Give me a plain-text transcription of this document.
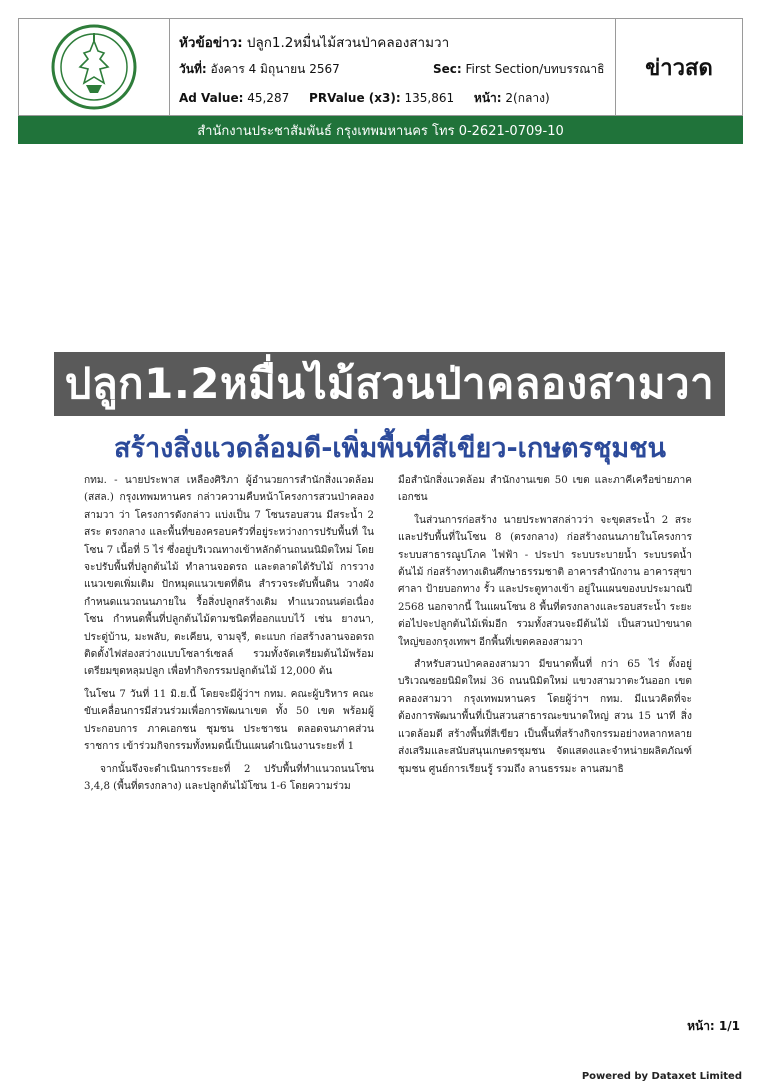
หัวข้อข่าว: ปลูก1.2หมื่นไม้สวนป่าคลองสามวา
วันที่: อังคาร 4 มิถุนายน 2567	Sec: First Section/บทบรรณาธิ
Ad Value: 45,287 PRValue (x3): 135,861 หน้า: 2(กลาง)
ข่าวสด
สำนักงานประชาสัมพันธ์ กรุงเทพมหานคร โทร 0-2621-0709-10
ปลูก1.2หมื่นไม้สวนป่าคลองสามวา
สร้างสิ่งแวดล้อมดี-เพิ่มพื้นที่สีเขียว-เกษตรชุมชน

กทม. - นายประพาส เหลืองศิริภา ผู้อำนวยการสำนักสิ่งแวดล้อม (สสล.) กรุงเทพมหานคร กล่าวความคืบหน้าโครงการสวนป่าคลองสามวา ว่า โครงการดังกล่าว แบ่งเป็น 7 โซนรอบสวน มีสระน้ำ 2 สระ ตรงกลาง และพื้นที่ของครอบครัวที่อยู่ระหว่างการปรับพื้นที่ ในโซน 7 เนื้อที่ 5 ไร่ ซึ่งอยู่บริเวณทางเข้าหลักด้านถนนนิมิตใหม่ โดยจะปรับพื้นที่ปลูกต้นไม้ ทำลานจอดรถ และตลาดได้รับไม้ การวางแนวเขตเพิ่มเติม ปักหมุดแนวเขตที่ดิน สำรวจระดับพื้นดิน วางผังกำหนดแนวถนนภายใน รื้อสิ่งปลูกสร้างเดิม ทำแนวถนนต่อเนื่องโซน กำหนดพื้นที่ปลูกต้นไม้ตามชนิดที่ออกแบบไว้ เช่น ยางนา, ประดู่บ้าน, มะพลับ, ตะเคียน, จามจุรี, ตะแบก ก่อสร้างลานจอดรถติดตั้งไฟส่องสว่างแบบโซลาร์เซลล์ รวมทั้งจัดเตรียมต้นไม้พร้อมเตรียมขุดหลุมปลูก เพื่อทำกิจกรรมปลูกต้นไม้ 12,000 ต้น

ในโซน 7 วันที่ 11 มิ.ย.นี้ โดยจะมีผู้ว่าฯ กทม. คณะผู้บริหาร คณะขับเคลื่อนการมีส่วนร่วมเพื่อการพัฒนาเขต ทั้ง 50 เขต พร้อมผู้ประกอบการ ภาคเอกชน ชุมชน ประชาชน ตลอดจนภาคส่วนราชการ เข้าร่วมกิจกรรมทั้งหมดนี้เป็นแผนดำเนินงานระยะที่ 1

จากนั้นจึงจะดำเนินการระยะที่ 2 ปรับพื้นที่ทำแนวถนนโซน 3,4,8 (พื้นที่ตรงกลาง) และปลูกต้นไม้โซน 1-6 โดยความร่วม

มือสำนักสิ่งแวดล้อม สำนักงานเขต 50 เขต และภาคีเครือข่ายภาคเอกชน

ในส่วนการก่อสร้าง นายประพาสกล่าวว่า จะขุดสระน้ำ 2 สระ และปรับพื้นที่ในโซน 8 (ตรงกลาง) ก่อสร้างถนนภายในโครงการ ระบบสาธารณูปโภค ไฟฟ้า - ประปา ระบบระบายน้ำ ระบบรดน้ำต้นไม้ ก่อสร้างทางเดินศึกษาธรรมชาติ อาคารสำนักงาน อาคารสุขา ศาลา ป้ายบอกทาง รั้ว และประตูทางเข้า อยู่ในแผนของบประมาณปี 2568 นอกจากนี้ ในแผนโซน 8 พื้นที่ตรงกลางและรอบสระน้ำ ระยะต่อไปจะปลูกต้นไม้เพิ่มอีก รวมทั้งสวนจะมีต้นไม้ เป็นสวนป่าขนาดใหญ่ของกรุงเทพฯ อีกพื้นที่เขตคลองสามวา

สำหรับสวนป่าคลองสามวา มีขนาดพื้นที่ กว่า 65 ไร่ ตั้งอยู่บริเวณซอยนิมิตใหม่ 36 ถนนนิมิตใหม่ แขวงสามวาตะวันออก เขตคลองสามวา กรุงเทพมหานคร โดยผู้ว่าฯ กทม. มีแนวคิดที่จะต้องการพัฒนาพื้นที่เป็นสวนสาธารณะขนาดใหญ่ สวน 15 นาที สิ่งแวดล้อมดี สร้างพื้นที่สีเขียว เป็นพื้นที่สร้างกิจกรรมอย่างหลากหลาย ส่งเสริมและสนับสนุนเกษตรชุมชน จัดแสดงและจำหน่ายผลิตภัณฑ์ชุมชน ศูนย์การเรียนรู้ รวมถึง ลานธรรมะ ลานสมาธิ

หน้า: 1/1
Powered by Dataxet Limited
